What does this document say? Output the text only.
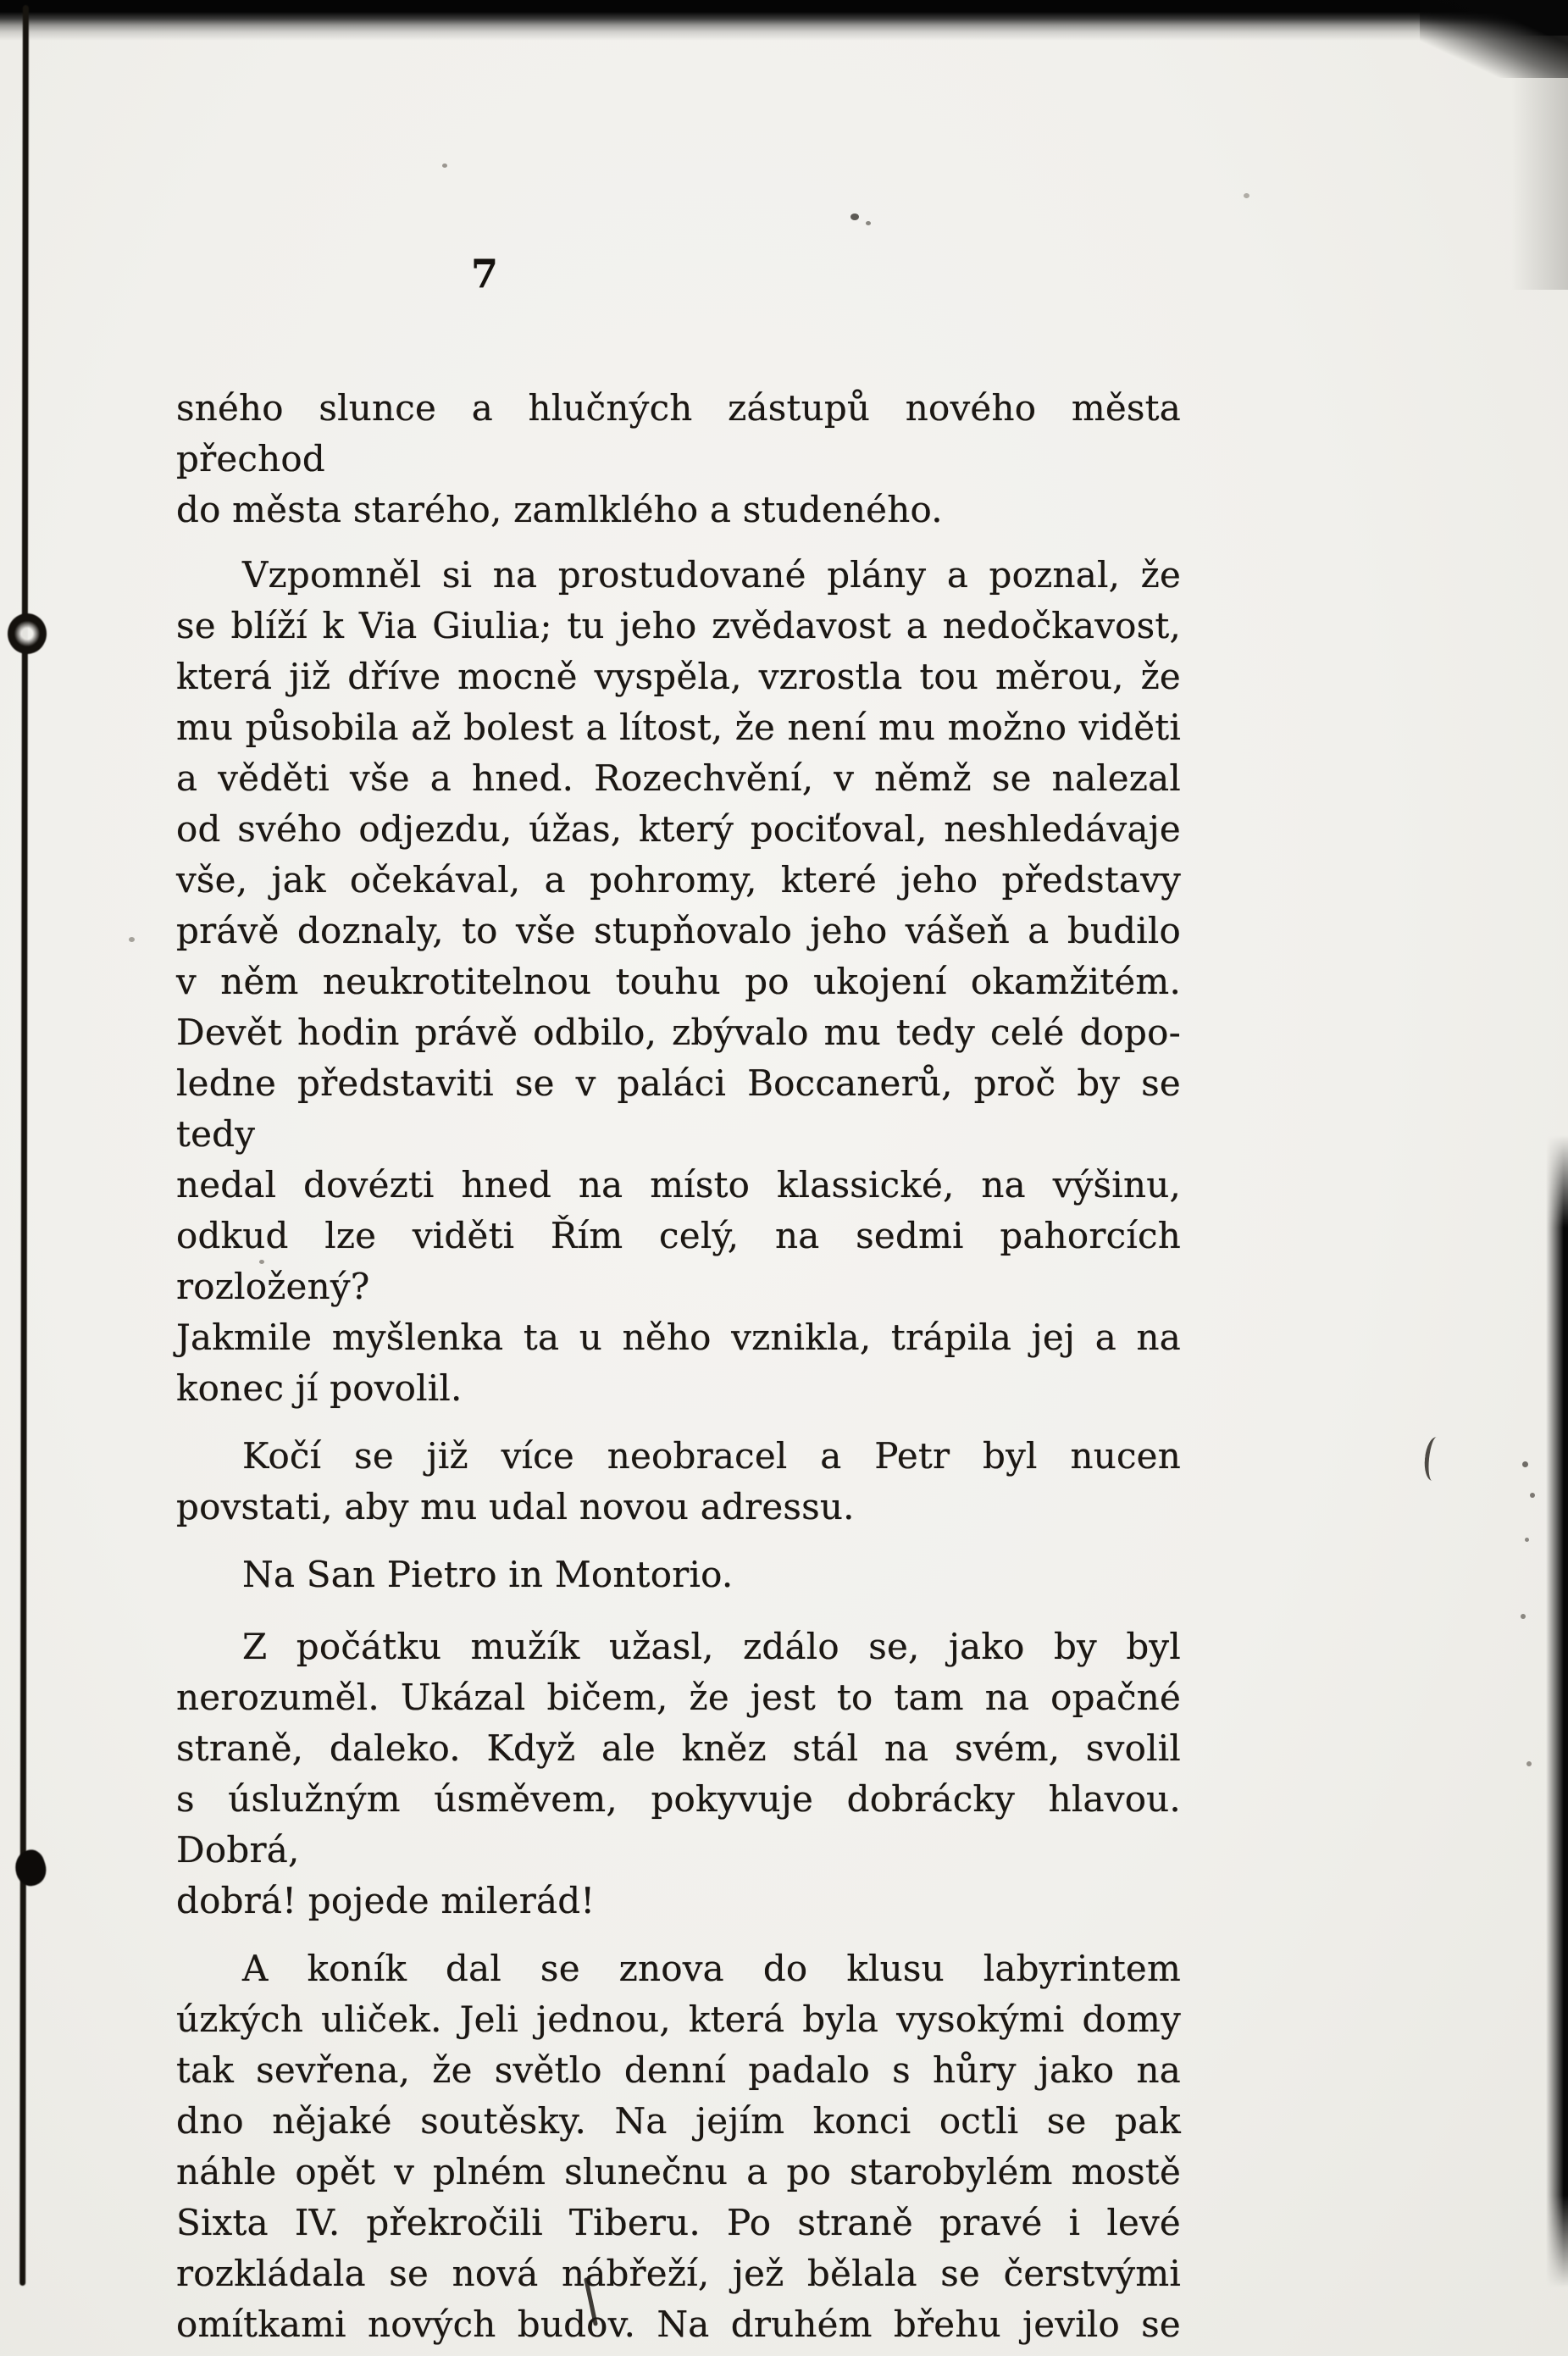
7
sného slunce a hlučných zástupů nového města přechod
do města starého, zamlklého a studeného.
Vzpomněl si na prostudované plány a poznal, že
se blíží k Via Giulia; tu jeho zvědavost a nedočkavost,
která již dříve mocně vyspěla, vzrostla tou měrou, že
mu působila až bolest a lítost, že není mu možno viděti
a věděti vše a hned. Rozechvění, v němž se nalezal
od svého odjezdu, úžas, který pociťoval, neshledávaje
vše, jak očekával, a pohromy, které jeho představy
právě doznaly, to vše stupňovalo jeho vášeň a budilo
v něm neukrotitelnou touhu po ukojení okamžitém.
Devět hodin právě odbilo, zbývalo mu tedy celé dopo-
ledne představiti se v paláci Boccanerů, proč by se tedy
nedal dovézti hned na místo klassické, na výšinu,
odkud lze viděti Řím celý, na sedmi pahorcích rozložený?
Jakmile myšlenka ta u něho vznikla, trápila jej a na
konec jí povolil.
Kočí se již více neobracel a Petr byl nucen
povstati, aby mu udal novou adressu.
Na San Pietro in Montorio.
Z počátku mužík užasl, zdálo se, jako by byl
nerozuměl. Ukázal bičem, že jest to tam na opačné
straně, daleko. Když ale kněz stál na svém, svolil
s úslužným úsměvem, pokyvuje dobrácky hlavou. Dobrá,
dobrá! pojede milerád!
A koník dal se znova do klusu labyrintem
úzkých uliček. Jeli jednou, která byla vysokými domy
tak sevřena, že světlo denní padalo s hůry jako na
dno nějaké soutěsky. Na jejím konci octli se pak
náhle opět v plném slunečnu a po starobylém mostě
Sixta IV. překročili Tiberu. Po straně pravé i levé
rozkládala se nová nábřeží, jež bělala se čerstvými
omítkami nových budov. Na druhém břehu jevilo se
